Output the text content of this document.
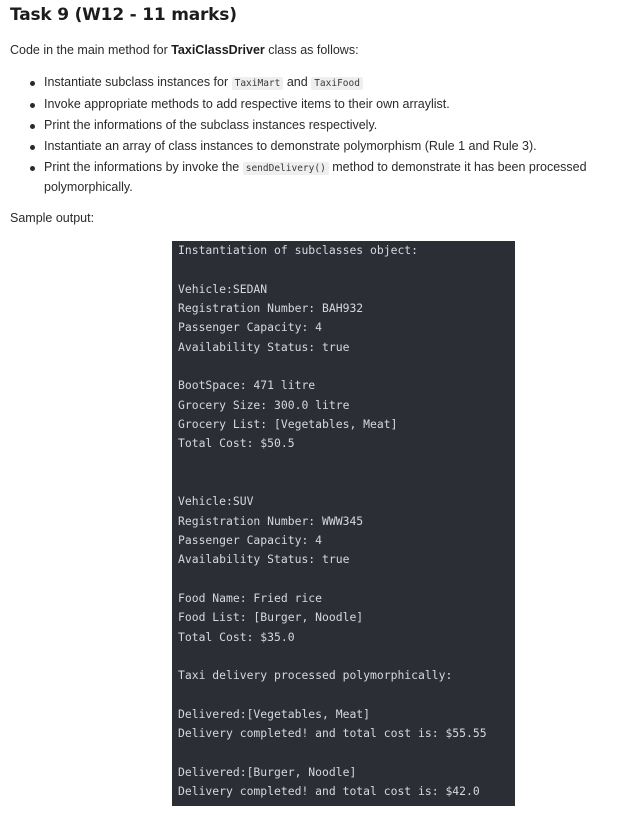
Task 9 (W12 - 11 marks)

Code in the main method for TaxiClassDriver class as follows:

Instantiate subclass instances for TaxiMart and TaxiFood
Invoke appropriate methods to add respective items to their own arraylist.
Print the informations of the subclass instances respectively.
Instantiate an array of class instances to demonstrate polymorphism (Rule 1 and Rule 3).
Print the informations by invoke the sendDelivery() method to demonstrate it has been processed polymorphically.

Sample output:

Instantiation of subclasses object:
Vehicle:SEDAN
Registration Number: BAH932
Passenger Capacity: 4
Availability Status: true
BootSpace: 471 litre
Grocery Size: 300.0 litre
Grocery List: [Vegetables, Meat]
Total Cost: $50.5
Vehicle:SUV
Registration Number: WWW345
Passenger Capacity: 4
Availability Status: true
Food Name: Fried rice
Food List: [Burger, Noodle]
Total Cost: $35.0
Taxi delivery processed polymorphically:
Delivered:[Vegetables, Meat]
Delivery completed! and total cost is: $55.55
Delivered:[Burger, Noodle]
Delivery completed! and total cost is: $42.0
